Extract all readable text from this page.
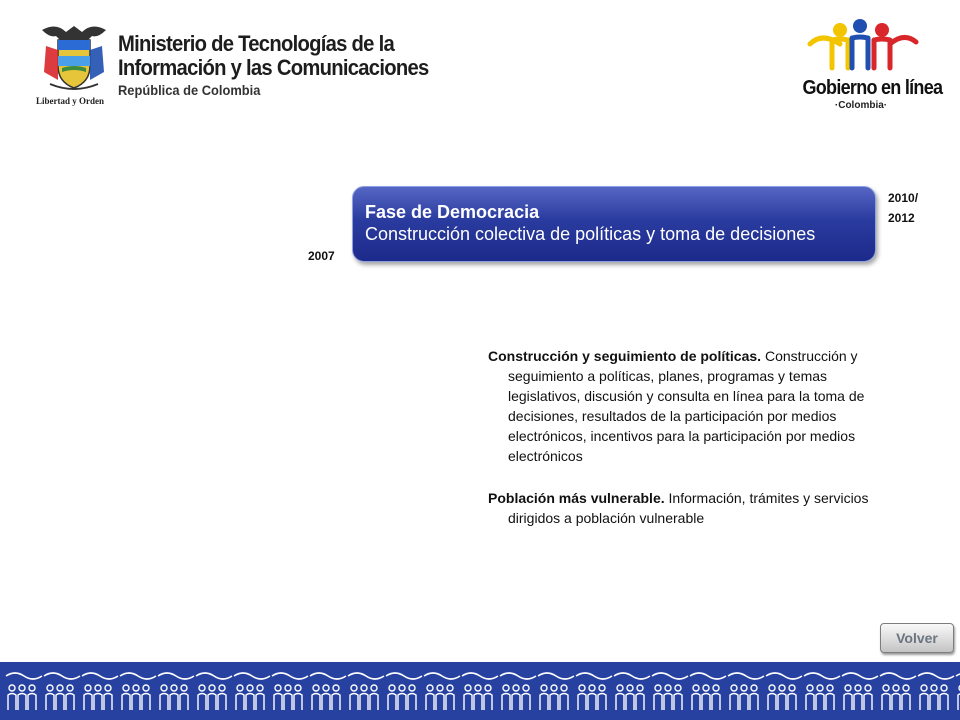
Libertad y Orden
Ministerio de Tecnologías de la
Información y las Comunicaciones
República de Colombia	Gobierno en línea
·Colombia·
2007
2010/
2012
Fase de Democracia
Construcción colectiva de políticas y toma de decisiones

Construcción y seguimiento de políticas. Construcción y seguimiento a políticas, planes, programas y temas legislativos, discusión y consulta en línea para la toma de decisiones, resultados de la participación por medios electrónicos, incentivos para la participación por medios electrónicos

Población más vulnerable. Información, trámites y servicios dirigidos a población vulnerable

Volver
